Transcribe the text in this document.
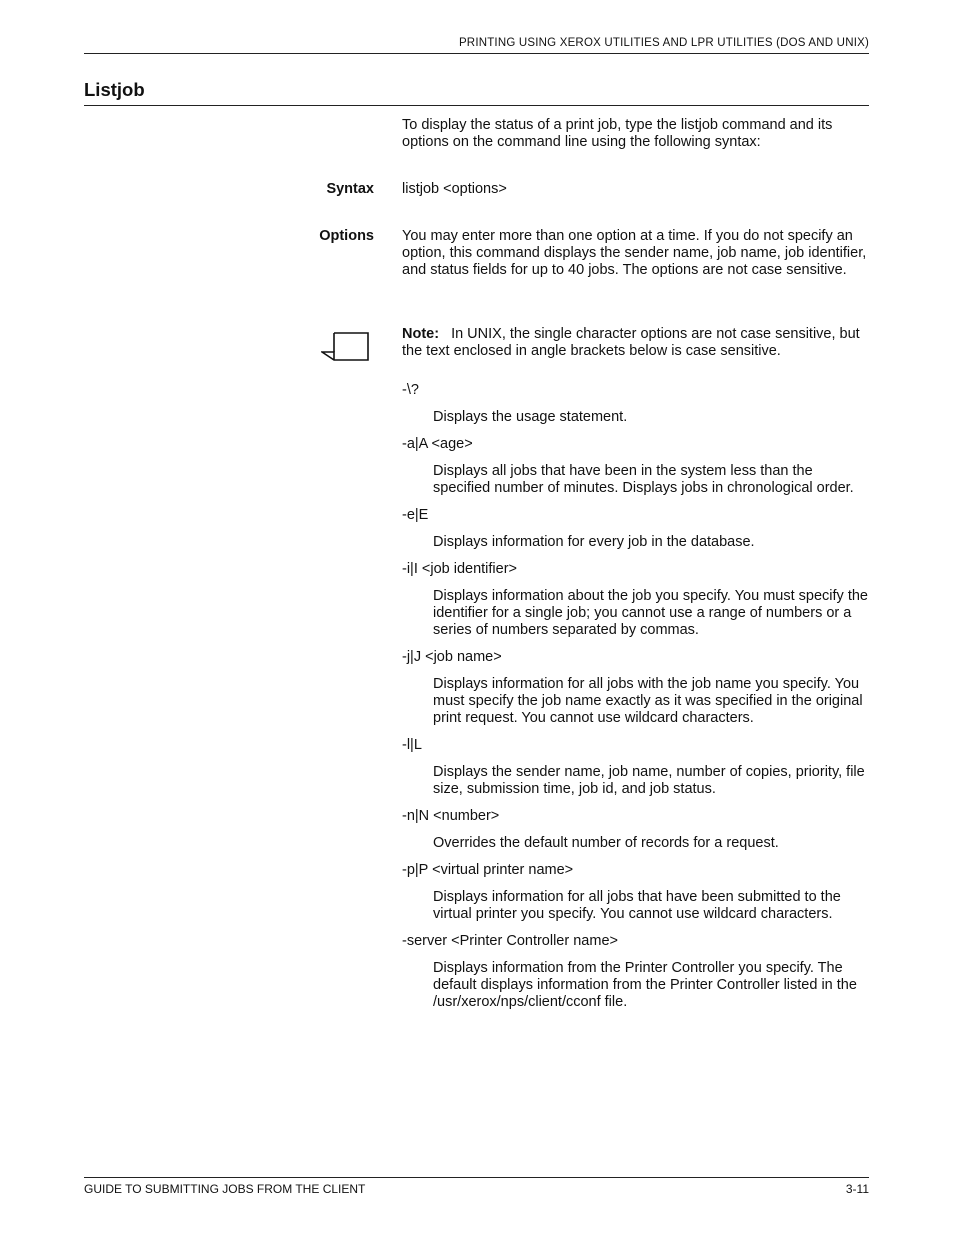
PRINTING USING XEROX UTILITIES AND LPR UTILITIES (DOS AND UNIX)
Listjob
To display the status of a print job, type the listjob command and its options on the command line using the following syntax:
Syntax listjob <options>
Options You may enter more than one option at a time. If you do not specify an option, this command displays the sender name, job name, job identifier, and status fields for up to 40 jobs. The options are not case sensitive.
Note: In UNIX, the single character options are not case sensitive, but the text enclosed in angle brackets below is case sensitive.

-\?

Displays the usage statement.

-a|A <age>

Displays all jobs that have been in the system less than the specified number of minutes. Displays jobs in chronological order.

-e|E

Displays information for every job in the database.

-i|I <job identifier>

Displays information about the job you specify. You must specify the identifier for a single job; you cannot use a range of numbers or a series of numbers separated by commas.

-j|J <job name>

Displays information for all jobs with the job name you specify. You must specify the job name exactly as it was specified in the original print request. You cannot use wildcard characters.

-l|L

Displays the sender name, job name, number of copies, priority, file size, submission time, job id, and job status.

-n|N <number>

Overrides the default number of records for a request.

-p|P <virtual printer name>

Displays information for all jobs that have been submitted to the virtual printer you specify. You cannot use wildcard characters.

-server <Printer Controller name>

Displays information from the Printer Controller you specify. The default displays information from the Printer Controller listed in the /usr/xerox/nps/client/cconf file.

GUIDE TO SUBMITTING JOBS FROM THE CLIENT	3-11
